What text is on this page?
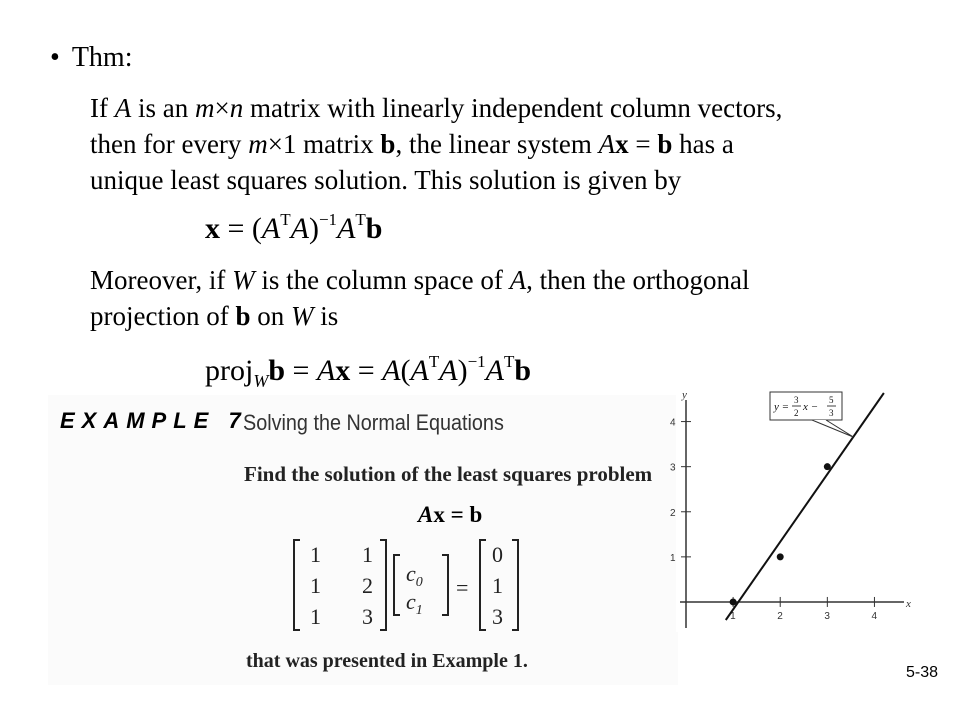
• Thm:
If A is an m×n matrix with linearly independent column vectors,
then for every m×1 matrix b, the linear system Ax = b has a
unique least squares solution. This solution is given by
$x = (A^TA)^{-1}A^Tb$
Moreover, if W is the column space of A, then the orthogonal
projection of b on W is
proj$_W$b = $Ax = A(A^TA)^{-1}A^Tb$
EXAMPLE 7
Solving the Normal Equations
Find the solution of the least squares problem
Ax = b
1 1
1 2
1 3
$c_0$
$c_1$
=
0
1
3
that was presented in Example 1.
x
y
1	2	3	4
1
2
3
4
y =
3
2 x −
5
3
5-38
